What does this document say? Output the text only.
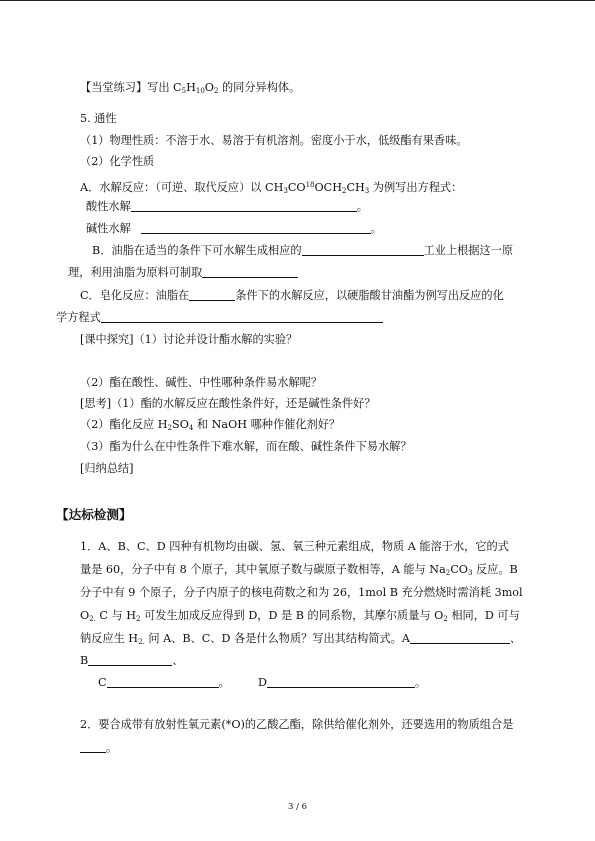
【当堂练习】写出 $C_5H_{10}O_2$ 的同分异构体。
5. 通性
（1）物理性质：不溶于水、易溶于有机溶剂。密度小于水，低级酯有果香味。
（2）化学性质
A．水解反应：（可逆、取代反应）以 $CH_3CO^{18}OCH_2CH_3$ 为例写出方程式：
酸性水解	。
碱性水解	。
B．油脂在适当的条件下可水解生成相应的	工业上根据这一原
理，利用油脂为原料可制取
C．皂化反应：油脂在	条件下的水解反应，以硬脂酸甘油酯为例写出反应的化
学方程式
[课中探究]（1）讨论并设计酯水解的实验？
（2）酯在酸性、碱性、中性哪种条件易水解呢？
[思考]（1）酯的水解反应在酸性条件好，还是碱性条件好？
（2）酯化反应 $H_2SO_4$ 和 NaOH 哪种作催化剂好？
（3）酯为什么在中性条件下难水解，而在酸、碱性条件下易水解？
[归纳总结]
【达标检测】
1．A、B、C、D 四种有机物均由碳、氢、氧三种元素组成，物质 A 能溶于水，它的式
量是 60，分子中有 8 个原子，其中氧原子数与碳原子数相等，A 能与 $Na_2CO_3$ 反应。B
分子中有 9 个原子，分子内原子的核电荷数之和为 26，1mol B 充分燃烧时需消耗 3mol
$O_{2.}$ C 与 $H_2$ 可发生加成反应得到 D，D 是 B 的同系物，其摩尔质量与 $O_2$ 相同，D 可与
钠反应生 $H_{2.}$ 问 A、B、C、D 各是什么物质？写出其结构简式。A	、
B	、
C	。	D	。
2．要合成带有放射性氧元素(*O)的乙酸乙酯，除供给催化剂外，还要选用的物质组合是
。
3 / 6
